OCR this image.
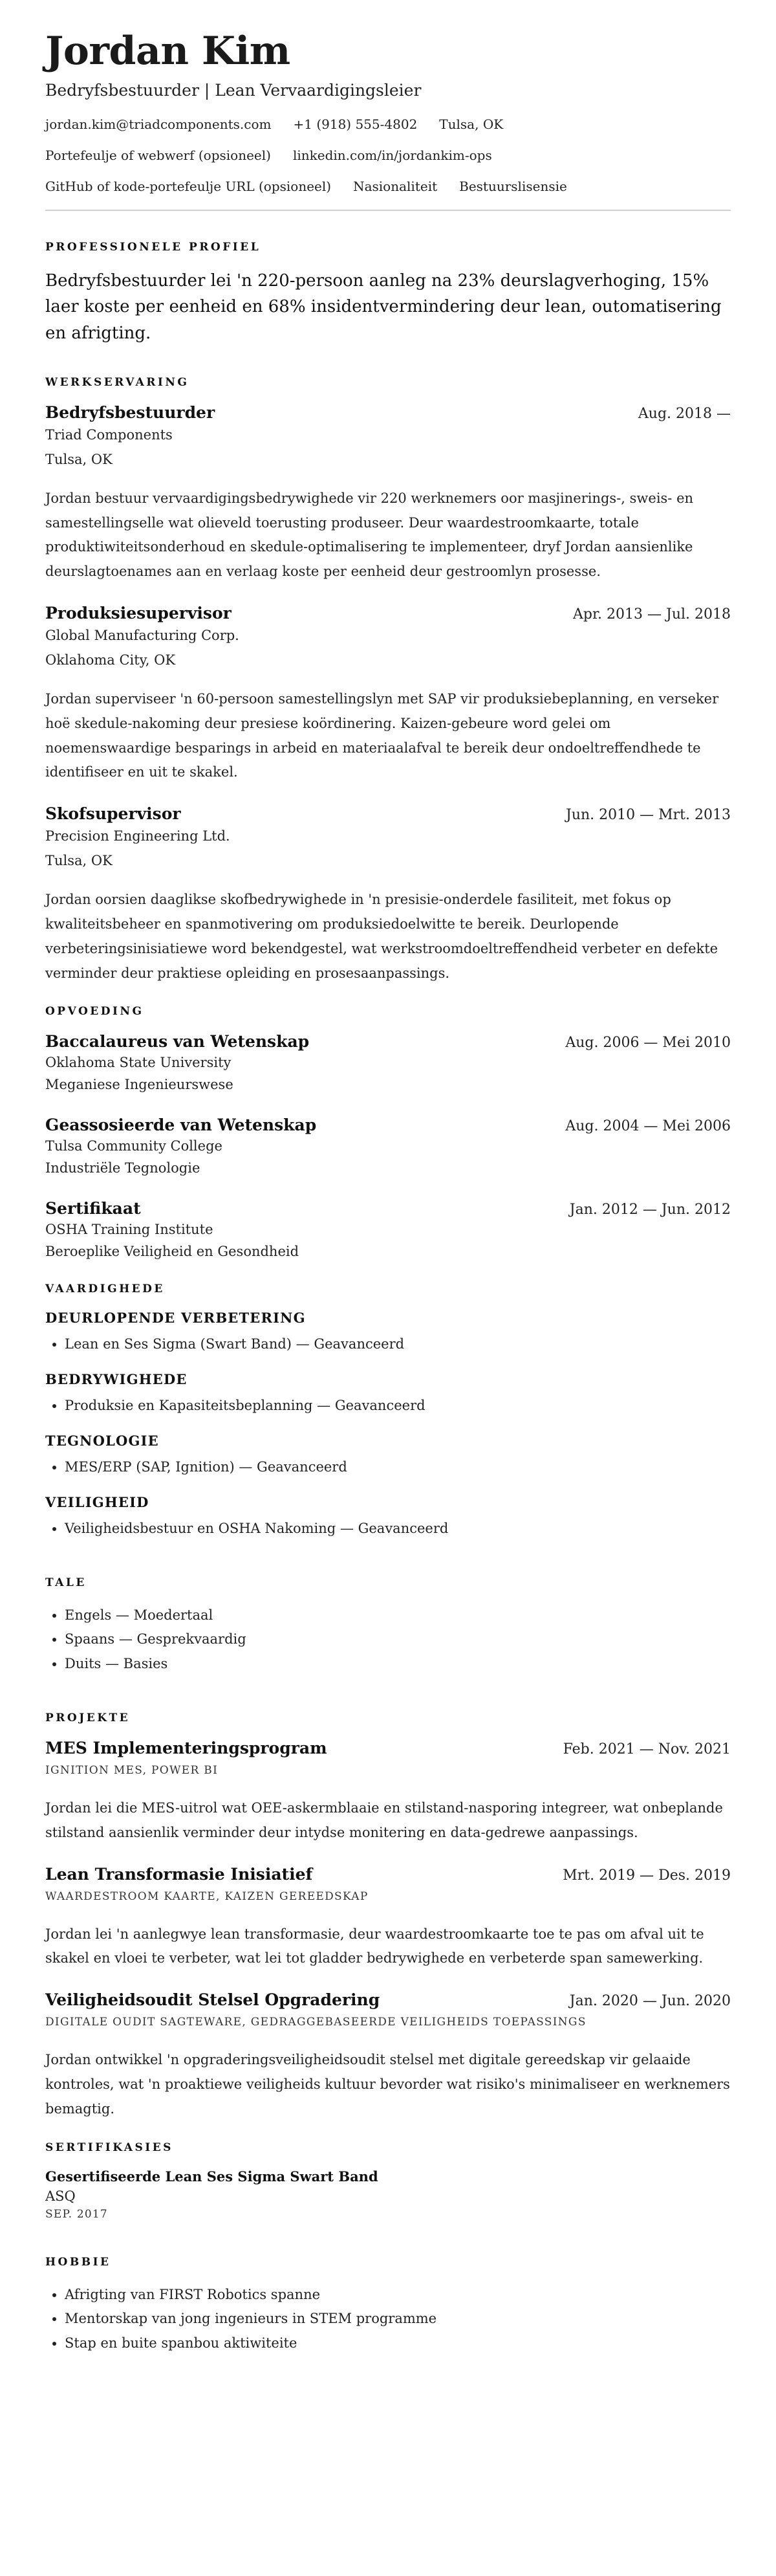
Jordan Kim
Bedryfsbestuurder | Lean Vervaardigingsleier
jordan.kim@triadcomponents.com +1 (918) 555-4802 Tulsa, OK
Portefeulje of webwerf (opsioneel) linkedin.com/in/jordankim-ops
GitHub of kode-portefeulje URL (opsioneel) Nasionaliteit Bestuurslisensie
PROFESSIONELE PROFIEL

Bedryfsbestuurder lei 'n 220-persoon aanleg na 23% deurslagverhoging, 15% laer koste per eenheid en 68% insidentvermindering deur lean, outomatisering en afrigting.

WERKSERVARING
Bedryfsbestuurder	Aug. 2018 —
Triad Components
Tulsa, OK
Jordan bestuur vervaardigingsbedrywighede vir 220 werknemers oor masjinerings-, sweis- en samestellingselle wat olieveld toerusting produseer. Deur waardestroomkaarte, totale produktiwiteitsonderhoud en skedule-optimalisering te implementeer, dryf Jordan aansienlike deurslagtoenames aan en verlaag koste per eenheid deur gestroomlyn prosesse.
Produksiesupervisor	Apr. 2013 — Jul. 2018
Global Manufacturing Corp.
Oklahoma City, OK
Jordan superviseer 'n 60-persoon samestellingslyn met SAP vir produksiebeplanning, en verseker hoë skedule-nakoming deur presiese koördinering. Kaizen-gebeure word gelei om noemenswaardige besparings in arbeid en materiaalafval te bereik deur ondoeltreffendhede te identifiseer en uit te skakel.
Skofsupervisor	Jun. 2010 — Mrt. 2013
Precision Engineering Ltd.
Tulsa, OK
Jordan oorsien daaglikse skofbedrywighede in 'n presisie-onderdele fasiliteit, met fokus op kwaliteitsbeheer en spanmotivering om produksiedoelwitte te bereik. Deurlopende verbeteringsinisiatiewe word bekendgestel, wat werkstroomdoeltreffendheid verbeter en defekte verminder deur praktiese opleiding en prosesaanpassings.
OPVOEDING
Baccalaureus van Wetenskap	Aug. 2006 — Mei 2010
Oklahoma State University
Meganiese Ingenieurswese
Geassosieerde van Wetenskap	Aug. 2004 — Mei 2006
Tulsa Community College
Industriële Tegnologie
Sertifikaat	Jan. 2012 — Jun. 2012
OSHA Training Institute
Beroeplike Veiligheid en Gesondheid
VAARDIGHEDE
DEURLOPENDE VERBETERING
• Lean en Ses Sigma (Swart Band) — Geavanceerd
BEDRYWIGHEDE
• Produksie en Kapasiteitsbeplanning — Geavanceerd
TEGNOLOGIE
• MES/ERP (SAP, Ignition) — Geavanceerd
VEILIGHEID
• Veiligheidsbestuur en OSHA Nakoming — Geavanceerd
TALE
• Engels — Moedertaal
• Spaans — Gesprekvaardig
• Duits — Basies
PROJEKTE
MES Implementeringsprogram	Feb. 2021 — Nov. 2021
IGNITION MES, POWER BI
Jordan lei die MES-uitrol wat OEE-askermblaaie en stilstand-nasporing integreer, wat onbeplande stilstand aansienlik verminder deur intydse monitering en data-gedrewe aanpassings.
Lean Transformasie Inisiatief	Mrt. 2019 — Des. 2019
WAARDESTROOM KAARTE, KAIZEN GEREEDSKAP
Jordan lei 'n aanlegwye lean transformasie, deur waardestroomkaarte toe te pas om afval uit te skakel en vloei te verbeter, wat lei tot gladder bedrywighede en verbeterde span samewerking.
Veiligheidsoudit Stelsel Opgradering	Jan. 2020 — Jun. 2020
DIGITALE OUDIT SAGTEWARE, GEDRAGGEBASEERDE VEILIGHEIDS TOEPASSINGS
Jordan ontwikkel 'n opgraderingsveiligheidsoudit stelsel met digitale gereedskap vir gelaaide kontroles, wat 'n proaktiewe veiligheids kultuur bevorder wat risiko's minimaliseer en werknemers bemagtig.
SERTIFIKASIES
Gesertifiseerde Lean Ses Sigma Swart Band
ASQ
SEP. 2017
HOBBIE
• Afrigting van FIRST Robotics spanne
• Mentorskap van jong ingenieurs in STEM programme
• Stap en buite spanbou aktiwiteite
